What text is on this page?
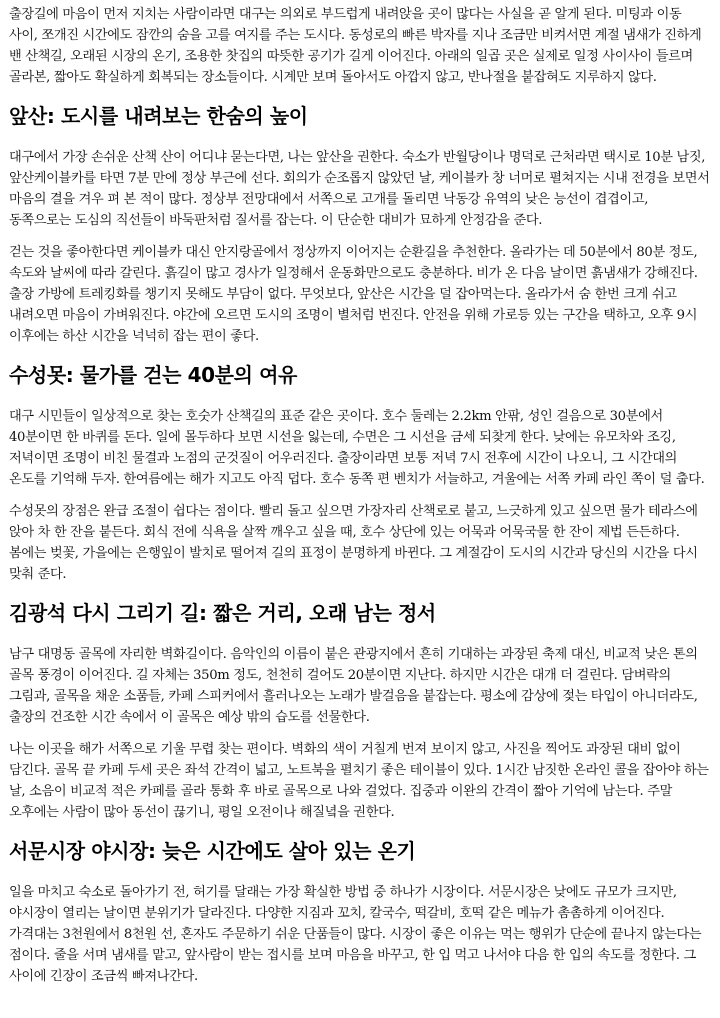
출장길에 마음이 먼저 지치는 사람이라면 대구는 의외로 부드럽게 내려앉을 곳이 많다는 사실을 곧 알게 된다. 미팅과 이동 사이, 쪼개진 시간에도 잠깐의 숨을 고를 여지를 주는 도시다. 동성로의 빠른 박자를 지나 조금만 비켜서면 계절 냄새가 진하게 밴 산책길, 오래된 시장의 온기, 조용한 찻집의 따뜻한 공기가 길게 이어진다. 아래의 일곱 곳은 실제로 일정 사이사이 들르며 골라본, 짧아도 확실하게 회복되는 장소들이다. 시계만 보며 돌아서도 아깝지 않고, 반나절을 붙잡혀도 지루하지 않다.

앞산: 도시를 내려보는 한숨의 높이

대구에서 가장 손쉬운 산책 산이 어디냐 묻는다면, 나는 앞산을 권한다. 숙소가 반월당이나 명덕로 근처라면 택시로 10분 남짓, 앞산케이블카를 타면 7분 만에 정상 부근에 선다. 회의가 순조롭지 않았던 날, 케이블카 창 너머로 펼쳐지는 시내 전경을 보면서 마음의 결을 겨우 펴 본 적이 많다. 정상부 전망대에서 서쪽으로 고개를 돌리면 낙동강 유역의 낮은 능선이 겹겹이고, 동쪽으로는 도심의 직선들이 바둑판처럼 질서를 잡는다. 이 단순한 대비가 묘하게 안정감을 준다.

걷는 것을 좋아한다면 케이블카 대신 안지랑골에서 정상까지 이어지는 순환길을 추천한다. 올라가는 데 50분에서 80분 정도, 속도와 날씨에 따라 갈린다. 흙길이 많고 경사가 일정해서 운동화만으로도 충분하다. 비가 온 다음 날이면 흙냄새가 강해진다. 출장 가방에 트레킹화를 챙기지 못해도 부담이 없다. 무엇보다, 앞산은 시간을 덜 잡아먹는다. 올라가서 숨 한번 크게 쉬고 내려오면 마음이 가벼워진다. 야간에 오르면 도시의 조명이 별처럼 번진다. 안전을 위해 가로등 있는 구간을 택하고, 오후 9시 이후에는 하산 시간을 넉넉히 잡는 편이 좋다.

수성못: 물가를 걷는 40분의 여유

대구 시민들이 일상적으로 찾는 호숫가 산책길의 표준 같은 곳이다. 호수 둘레는 2.2km 안팎, 성인 걸음으로 30분에서 40분이면 한 바퀴를 돈다. 일에 몰두하다 보면 시선을 잃는데, 수면은 그 시선을 금세 되찾게 한다. 낮에는 유모차와 조깅, 저녁이면 조명이 비친 물결과 노점의 군것질이 어우러진다. 출장이라면 보통 저녁 7시 전후에 시간이 나오니, 그 시간대의 온도를 기억해 두자. 한여름에는 해가 지고도 아직 덥다. 호수 동쪽 편 벤치가 서늘하고, 겨울에는 서쪽 카페 라인 쪽이 덜 춥다.

수성못의 장점은 완급 조절이 쉽다는 점이다. 빨리 돌고 싶으면 가장자리 산책로로 붙고, 느긋하게 있고 싶으면 물가 테라스에 앉아 차 한 잔을 붙든다. 회식 전에 식욕을 살짝 깨우고 싶을 때, 호수 상단에 있는 어묵과 어묵국물 한 잔이 제법 든든하다. 봄에는 벚꽃, 가을에는 은행잎이 발치로 떨어져 길의 표정이 분명하게 바뀐다. 그 계절감이 도시의 시간과 당신의 시간을 다시 맞춰 준다.

김광석 다시 그리기 길: 짧은 거리, 오래 남는 정서

남구 대명동 골목에 자리한 벽화길이다. 음악인의 이름이 붙은 관광지에서 흔히 기대하는 과장된 축제 대신, 비교적 낮은 톤의 골목 풍경이 이어진다. 길 자체는 350m 정도, 천천히 걸어도 20분이면 지난다. 하지만 시간은 대개 더 걸린다. 담벼락의 그림과, 골목을 채운 소품들, 카페 스피커에서 흘러나오는 노래가 발걸음을 붙잡는다. 평소에 감상에 젖는 타입이 아니더라도, 출장의 건조한 시간 속에서 이 골목은 예상 밖의 습도를 선물한다.

나는 이곳을 해가 서쪽으로 기울 무렵 찾는 편이다. 벽화의 색이 거칠게 번져 보이지 않고, 사진을 찍어도 과장된 대비 없이 담긴다. 골목 끝 카페 두세 곳은 좌석 간격이 넓고, 노트북을 펼치기 좋은 테이블이 있다. 1시간 남짓한 온라인 콜을 잡아야 하는 날, 소음이 비교적 적은 카페를 골라 통화 후 바로 골목으로 나와 걸었다. 집중과 이완의 간격이 짧아 기억에 남는다. 주말 오후에는 사람이 많아 동선이 끊기니, 평일 오전이나 해질녘을 권한다.

서문시장 야시장: 늦은 시간에도 살아 있는 온기

일을 마치고 숙소로 돌아가기 전, 허기를 달래는 가장 확실한 방법 중 하나가 시장이다. 서문시장은 낮에도 규모가 크지만, 야시장이 열리는 날이면 분위기가 달라진다. 다양한 지짐과 꼬치, 칼국수, 떡갈비, 호떡 같은 메뉴가 촘촘하게 이어진다. 가격대는 3천원에서 8천원 선, 혼자도 주문하기 쉬운 단품들이 많다. 시장이 좋은 이유는 먹는 행위가 단순에 끝나지 않는다는 점이다. 줄을 서며 냄새를 맡고, 앞사람이 받는 접시를 보며 마음을 바꾸고, 한 입 먹고 나서야 다음 한 입의 속도를 정한다. 그 사이에 긴장이 조금씩 빠져나간다.
